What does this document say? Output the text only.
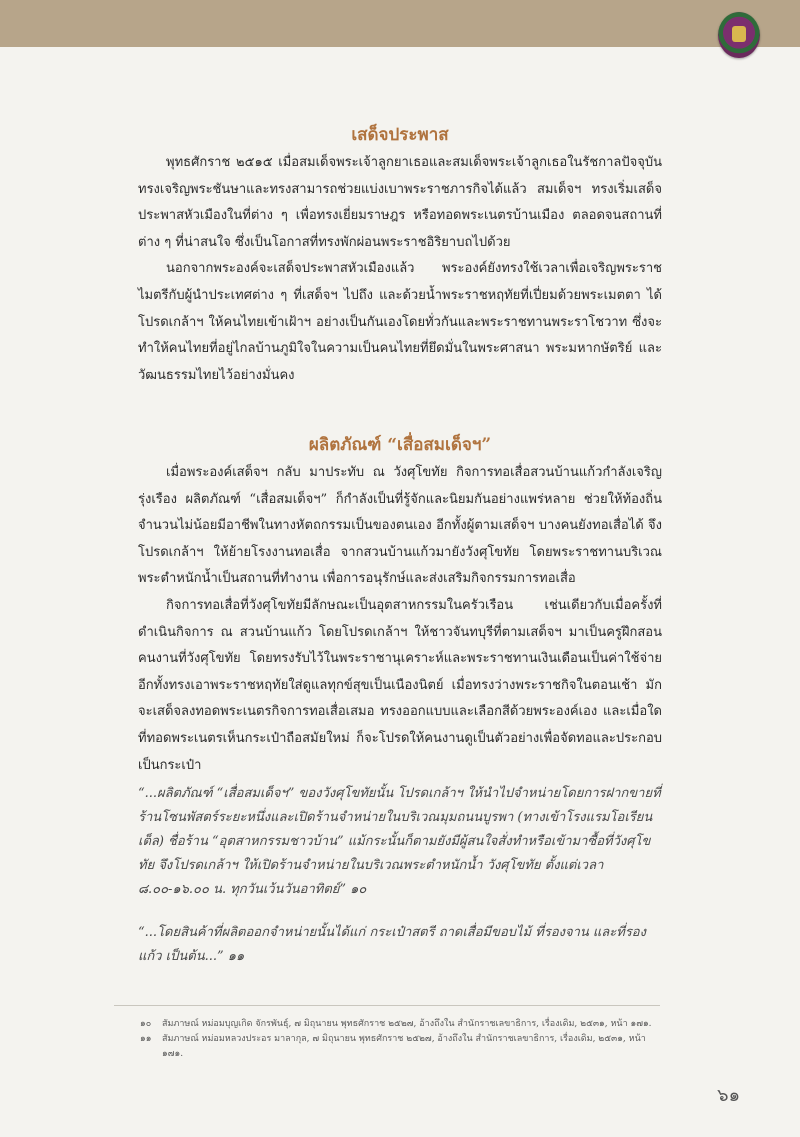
เสด็จประพาส

พุทธศักราช ๒๕๑๕ เมื่อสมเด็จพระเจ้าลูกยาเธอและสมเด็จพระเจ้าลูกเธอในรัชกาลปัจจุบันทรงเจริญพระชันษาและทรงสามารถช่วยแบ่งเบาพระราชภารกิจได้แล้ว สมเด็จฯ ทรงเริ่มเสด็จประพาสหัวเมืองในที่ต่าง ๆ เพื่อทรงเยี่ยมราษฎร หรือทอดพระเนตรบ้านเมือง ตลอดจนสถานที่ต่าง ๆ ที่น่าสนใจ ซึ่งเป็นโอกาสที่ทรงพักผ่อนพระราชอิริยาบถไปด้วย

นอกจากพระองค์จะเสด็จประพาสหัวเมืองแล้ว พระองค์ยังทรงใช้เวลาเพื่อเจริญพระราชไมตรีกับผู้นำประเทศต่าง ๆ ที่เสด็จฯ ไปถึง และด้วยน้ำพระราชหฤทัยที่เปี่ยมด้วยพระเมตตา ได้โปรดเกล้าฯ ให้คนไทยเข้าเฝ้าฯ อย่างเป็นกันเองโดยทั่วกันและพระราชทานพระราโชวาท ซึ่งจะทำให้คนไทยที่อยู่ไกลบ้านภูมิใจในความเป็นคนไทยที่ยึดมั่นในพระศาสนา พระมหากษัตริย์ และวัฒนธรรมไทยไว้อย่างมั่นคง

ผลิตภัณฑ์ “เสื่อสมเด็จฯ”

เมื่อพระองค์เสด็จฯ กลับ มาประทับ ณ วังศุโขทัย กิจการทอเสื่อสวนบ้านแก้วกำลังเจริญรุ่งเรือง ผลิตภัณฑ์ “เสื่อสมเด็จฯ” ก็กำลังเป็นที่รู้จักและนิยมกันอย่างแพร่หลาย ช่วยให้ท้องถิ่นจำนวนไม่น้อยมีอาชีพในทางหัตถกรรมเป็นของตนเอง อีกทั้งผู้ตามเสด็จฯ บางคนยังทอเสื่อได้ จึงโปรดเกล้าฯ ให้ย้ายโรงงานทอเสื่อ จากสวนบ้านแก้วมายังวังศุโขทัย โดยพระราชทานบริเวณพระตำหนักน้ำเป็นสถานที่ทำงาน เพื่อการอนุรักษ์และส่งเสริมกิจกรรมการทอเสื่อ

กิจการทอเสื่อที่วังศุโขทัยมีลักษณะเป็นอุตสาหกรรมในครัวเรือน เช่นเดียวกับเมื่อครั้งที่ดำเนินกิจการ ณ สวนบ้านแก้ว โดยโปรดเกล้าฯ ให้ชาวจันทบุรีที่ตามเสด็จฯ มาเป็นครูฝึกสอนคนงานที่วังศุโขทัย โดยทรงรับไว้ในพระราชานุเคราะห์และพระราชทานเงินเดือนเป็นค่าใช้จ่าย อีกทั้งทรงเอาพระราชหฤทัยใส่ดูแลทุกข์สุขเป็นเนืองนิตย์ เมื่อทรงว่างพระราชกิจในตอนเช้า มักจะเสด็จลงทอดพระเนตรกิจการทอเสื่อเสมอ ทรงออกแบบและเลือกสีด้วยพระองค์เอง และเมื่อใดที่ทอดพระเนตรเห็นกระเป๋าถือสมัยใหม่ ก็จะโปรดให้คนงานดูเป็นตัวอย่างเพื่อจัดทอและประกอบเป็นกระเป๋า

“...ผลิตภัณฑ์ “เสื่อสมเด็จฯ” ของวังศุโขทัยนั้น โปรดเกล้าฯ ให้นำไปจำหน่ายโดยการฝากขายที่ร้านโซนพัสตร์ระยะหนึ่งและเปิดร้านจำหน่ายในบริเวณมุมถนนบูรพา (ทางเข้าโรงแรมโอเรียนเต็ล) ชื่อร้าน “อุตสาหกรรมชาวบ้าน” แม้กระนั้นก็ตามยังมีผู้สนใจสั่งทำหรือเข้ามาซื้อที่วังศุโขทัย จึงโปรดเกล้าฯ ให้เปิดร้านจำหน่ายในบริเวณพระตำหนักน้ำ วังศุโขทัย ตั้งแต่เวลา ๘.๐๐-๑๖.๐๐ น. ทุกวันเว้นวันอาทิตย์” ๑๐

“...โดยสินค้าที่ผลิตออกจำหน่ายนั้นได้แก่ กระเป๋าสตรี ถาดเสื่อมีขอบไม้ ที่รองจาน และที่รองแก้ว เป็นต้น...” ๑๑

๑๐ สัมภาษณ์ หม่อมบุญเกิด จักรพันธุ์, ๗ มิถุนายน พุทธศักราช ๒๕๒๗, อ้างถึงใน สำนักราชเลขาธิการ, เรื่องเดิม, ๒๕๓๑, หน้า ๑๗๑.
๑๑ สัมภาษณ์ หม่อมหลวงประอร มาลากุล, ๗ มิถุนายน พุทธศักราช ๒๕๒๗, อ้างถึงใน สำนักราชเลขาธิการ, เรื่องเดิม, ๒๕๓๑, หน้า ๑๗๑.
๖๑
